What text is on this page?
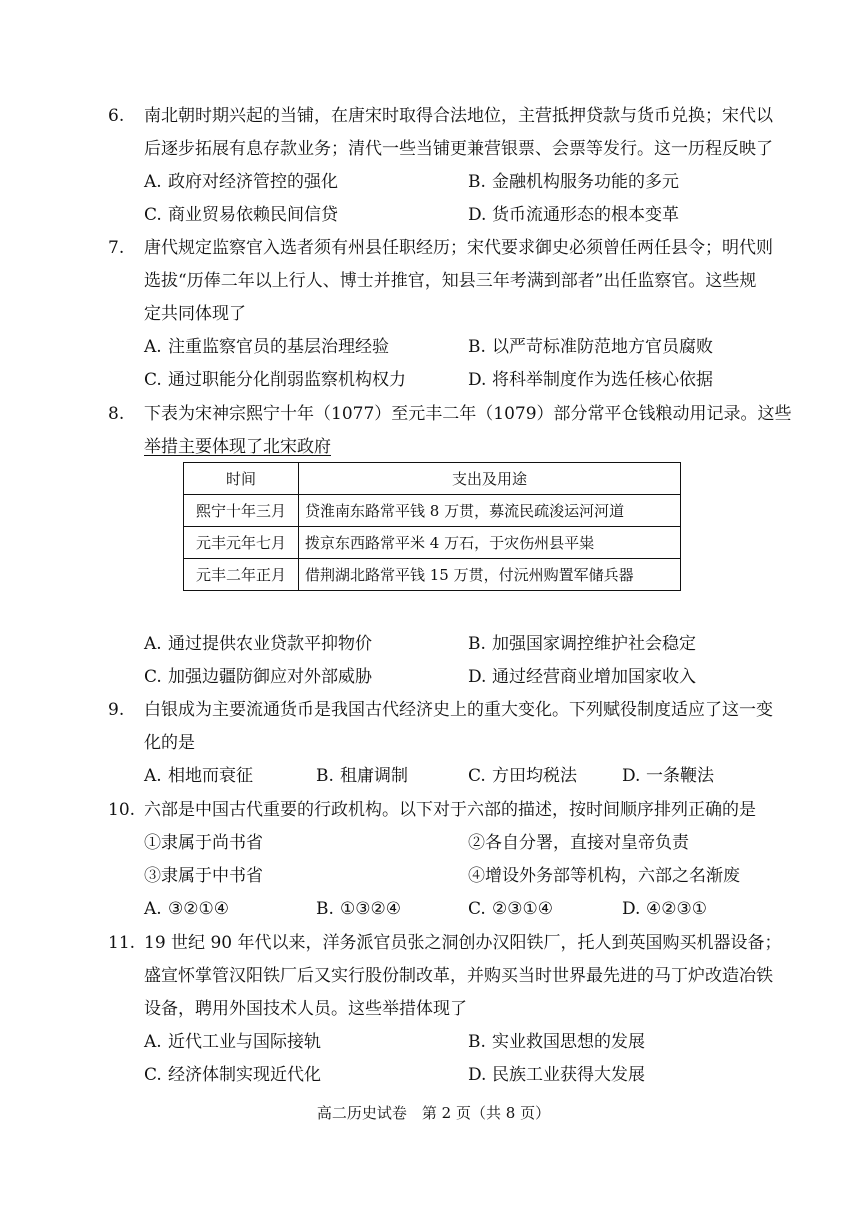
6.	南北朝时期兴起的当铺，在唐宋时取得合法地位，主营抵押贷款与货币兑换；宋代以
后逐步拓展有息存款业务；清代一些当铺更兼营银票、会票等发行。这一历程反映了
A. 政府对经济管控的强化	B. 金融机构服务功能的多元
C. 商业贸易依赖民间信贷	D. 货币流通形态的根本变革
7.	唐代规定监察官入选者须有州县任职经历；宋代要求御史必须曾任两任县令；明代则
选拔“历俸二年以上行人、博士并推官，知县三年考满到部者”出任监察官。这些规
定共同体现了
A. 注重监察官员的基层治理经验	B. 以严苛标准防范地方官员腐败
C. 通过职能分化削弱监察机构权力	D. 将科举制度作为选任核心依据
8.	下表为宋神宗熙宁十年（1077）至元丰二年（1079）部分常平仓钱粮动用记录。这些
举措主要体现了北宋政府
时间	支出及用途
熙宁十年三月	贷淮南东路常平钱 8 万贯，募流民疏浚运河河道
元丰元年七月	拨京东西路常平米 4 万石，于灾伤州县平粜
元丰二年正月	借荆湖北路常平钱 15 万贯，付沅州购置军储兵器
A. 通过提供农业贷款平抑物价	B. 加强国家调控维护社会稳定
C. 加强边疆防御应对外部威胁	D. 通过经营商业增加国家收入
9.	白银成为主要流通货币是我国古代经济史上的重大变化。下列赋役制度适应了这一变
化的是
A. 相地而衰征	B. 租庸调制	C. 方田均税法	D. 一条鞭法
10. 六部是中国古代重要的行政机构。以下对于六部的描述，按时间顺序排列正确的是
①隶属于尚书省	②各自分署，直接对皇帝负责
③隶属于中书省	④增设外务部等机构，六部之名渐废
A. ③②①④	B. ①③②④	C. ②③①④	D. ④②③①
11. 19 世纪 90 年代以来，洋务派官员张之洞创办汉阳铁厂，托人到英国购买机器设备；
盛宣怀掌管汉阳铁厂后又实行股份制改革，并购买当时世界最先进的马丁炉改造冶铁
设备，聘用外国技术人员。这些举措体现了
A. 近代工业与国际接轨	B. 实业救国思想的发展
C. 经济体制实现近代化	D. 民族工业获得大发展
高二历史试卷　第 2 页（共 8 页）
